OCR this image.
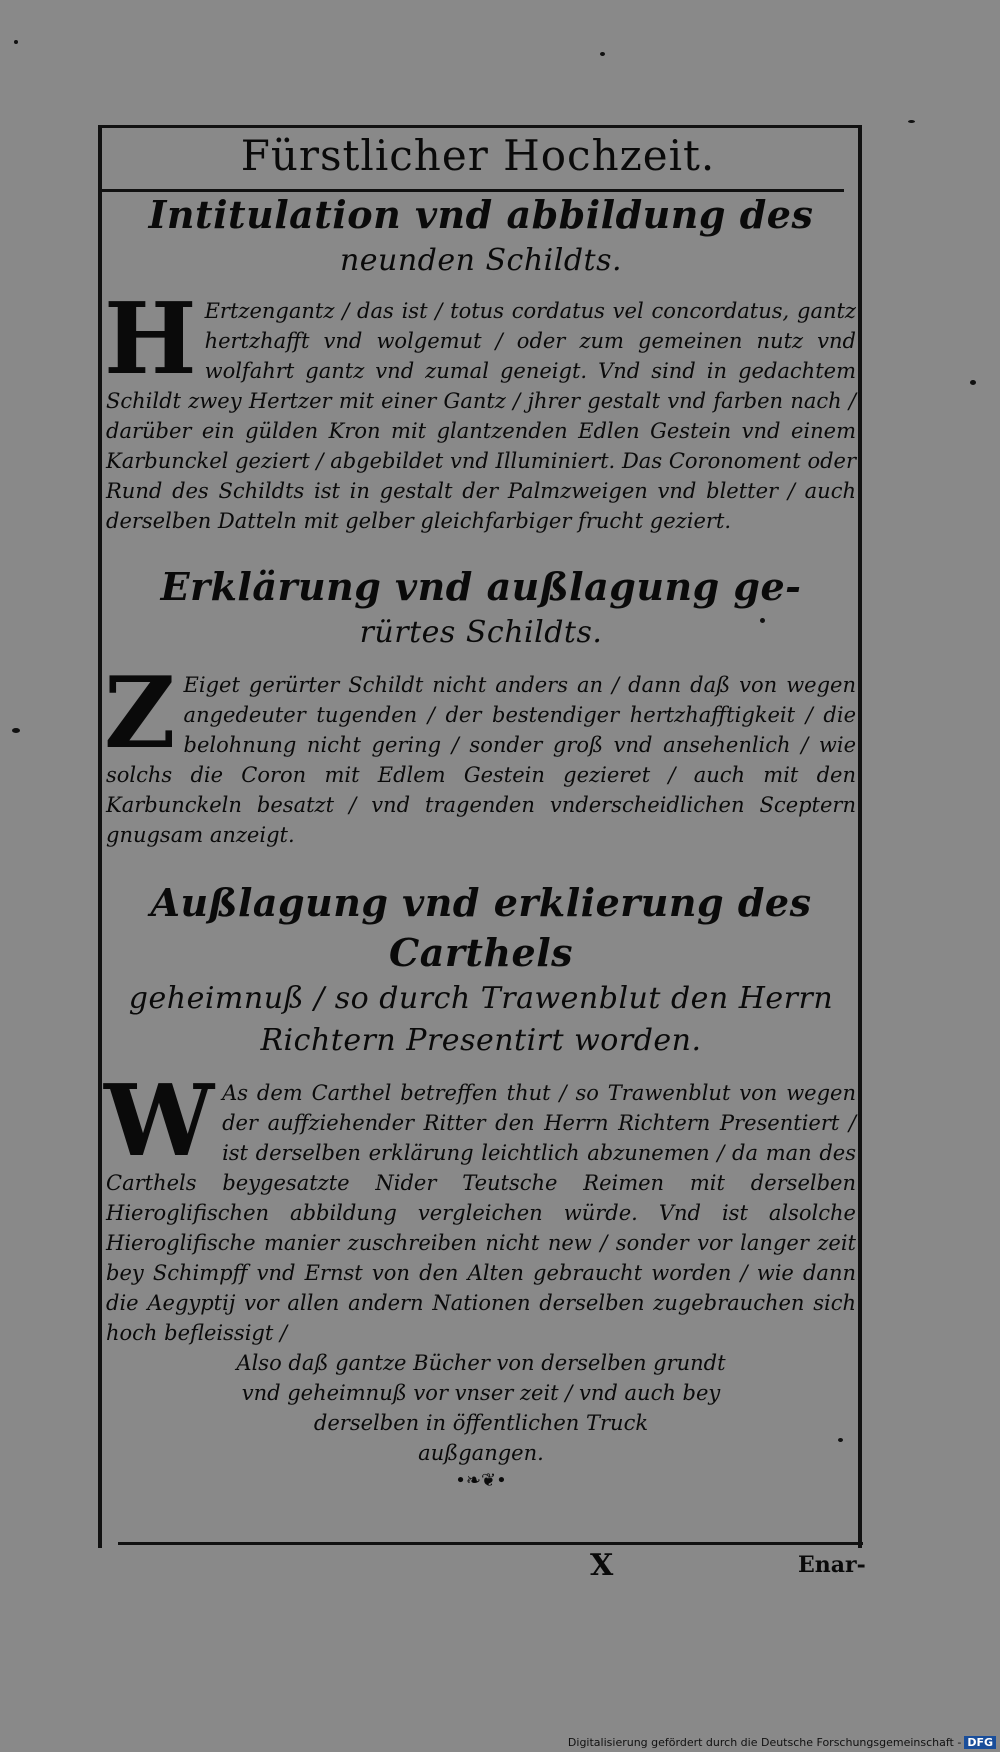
Fürstlicher Hochzeit.
Intitulation vnd abbildung des
neunden Schildts.

H Ertzengantz / das ist / totus cordatus vel concordatus, gantz hertzhafft vnd wolgemut / oder zum gemeinen nutz vnd wolfahrt gantz vnd zumal geneigt. Vnd sind in gedachtem Schildt zwey Hertzer mit einer Gantz / jhrer gestalt vnd farben nach / darüber ein gülden Kron mit glantzenden Edlen Gestein vnd einem Karbunckel geziert / abgebildet vnd Illuminiert. Das Coronoment oder Rund des Schildts ist in gestalt der Palmzweigen vnd bletter / auch derselben Datteln mit gelber gleichfarbiger frucht geziert.

Erklärung vnd außlagung ge-
rürtes Schildts.

Z Eiget gerürter Schildt nicht anders an / dann daß von wegen angedeuter tugenden / der bestendiger hertzhafftigkeit / die belohnung nicht gering / sonder groß vnd ansehenlich / wie solchs die Coron mit Edlem Gestein gezieret / auch mit den Karbunckeln besatzt / vnd tragenden vnderscheidlichen Sceptern gnugsam anzeigt.

Außlagung vnd erklierung des Carthels
geheimnuß / so durch Trawenblut den Herrn Richtern Presentirt worden.

W As dem Carthel betreffen thut / so Trawenblut von wegen der auffziehender Ritter den Herrn Richtern Presentiert / ist derselben erklärung leichtlich abzunemen / da man des Carthels beygesatzte Nider Teutsche Reimen mit derselben Hieroglifischen abbildung vergleichen würde. Vnd ist alsolche Hieroglifische manier zuschreiben nicht new / sonder vor langer zeit bey Schimpff vnd Ernst von den Alten gebraucht worden / wie dann die Aegyptij vor allen andern Nationen derselben zugebrauchen sich hoch befleissigt /

Also daß gantze Bücher von derselben grundt vnd geheimnuß vor vnser zeit / vnd auch bey derselben in öffentlichen Truck

außgangen.

•❧❦•

X	Enar-
Digitalisierung gefördert durch die Deutsche Forschungsgemeinschaft - DFG
